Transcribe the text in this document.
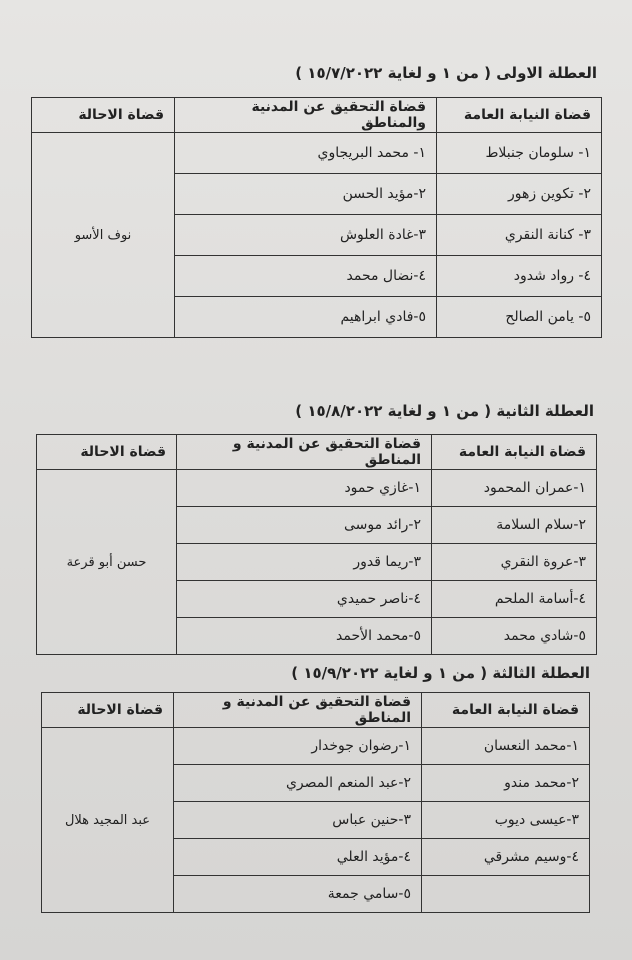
العطلة الاولى ( من ١ و لغاية ١٥/٧/٢٠٢٢ )
قضاة النيابة العامة	قضاة التحقيق عن المدنية والمناطق	قضاة الاحالة
١- سلومان جنبلاط	١- محمد البريجاوي	نوف الأسو
٢- تكوين زهور	٢-مؤيد الحسن	
٣- كنانة النقري	٣-غادة العلوش	
٤- رواد شدود	٤-نضال محمد	
٥- يامن الصالح	٥-فادي ابراهيم	
العطلة الثانية ( من ١ و لغاية ١٥/٨/٢٠٢٢ )
قضاة النيابة العامة	قضاة التحقيق عن المدنية و المناطق	قضاة الاحالة
١-عمران المحمود	١-غازي حمود	حسن أبو قرعة
٢-سلام السلامة	٢-رائد موسى	
٣-عروة النقري	٣-ريما قدور	
٤-أسامة الملحم	٤-ناصر حميدي	
٥-شادي محمد	٥-محمد الأحمد	
العطلة الثالثة ( من ١ و لغاية ١٥/٩/٢٠٢٢ )
قضاة النيابة العامة	قضاة التحقيق عن المدنية و المناطق	قضاة الاحالة
١-محمد النعسان	١-رضوان جوخدار	عبد المجيد هلال
٢-محمد مندو	٢-عبد المنعم المصري	
٣-عيسى ديوب	٣-حنين عباس	
٤-وسيم مشرقي	٤-مؤيد العلي	
	٥-سامي جمعة	
